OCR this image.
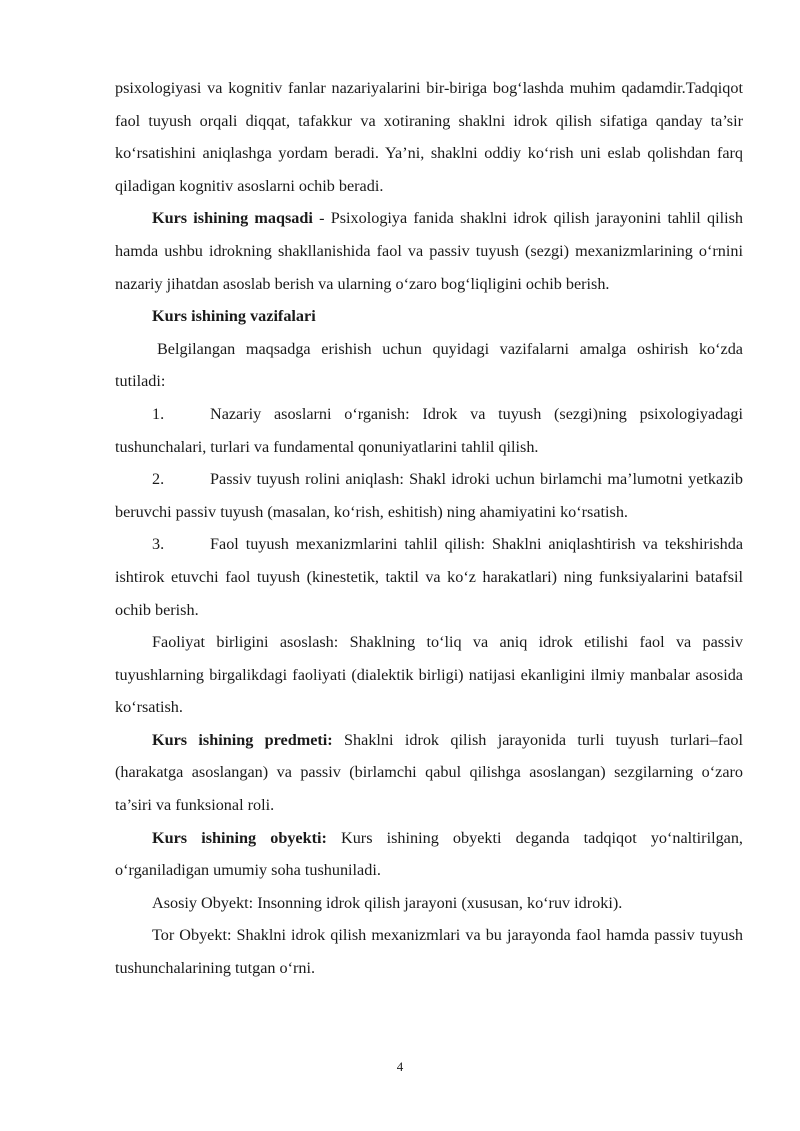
psixologiyasi va kognitiv fanlar nazariyalarini bir-biriga bog‘lashda muhim qadamdir.Tadqiqot faol tuyush orqali diqqat, tafakkur va xotiraning shaklni idrok qilish sifatiga qanday ta’sir ko‘rsatishini aniqlashga yordam beradi. Ya’ni, shaklni oddiy ko‘rish uni eslab qolishdan farq qiladigan kognitiv asoslarni ochib beradi.

Kurs ishining maqsadi - Psixologiya fanida shaklni idrok qilish jarayonini tahlil qilish hamda ushbu idrokning shakllanishida faol va passiv tuyush (sezgi) mexanizmlarining o‘rnini nazariy jihatdan asoslab berish va ularning o‘zaro bog‘liqligini ochib berish.

Kurs ishining vazifalari

Belgilangan maqsadga erishish uchun quyidagi vazifalarni amalga oshirish ko‘zda tutiladi:

1.	Nazariy asoslarni o‘rganish: Idrok va tuyush (sezgi)ning psixologiyadagi tushunchalari, turlari va fundamental qonuniyatlarini tahlil qilish.

2.	Passiv tuyush rolini aniqlash: Shakl idroki uchun birlamchi ma’lumotni yetkazib beruvchi passiv tuyush (masalan, ko‘rish, eshitish) ning ahamiyatini ko‘rsatish.

3.	Faol tuyush mexanizmlarini tahlil qilish: Shaklni aniqlashtirish va tekshirishda ishtirok etuvchi faol tuyush (kinestetik, taktil va ko‘z harakatlari) ning funksiyalarini batafsil ochib berish.

Faoliyat birligini asoslash: Shaklning to‘liq va aniq idrok etilishi faol va passiv tuyushlarning birgalikdagi faoliyati (dialektik birligi) natijasi ekanligini ilmiy manbalar asosida ko‘rsatish.

Kurs ishining predmeti: Shaklni idrok qilish jarayonida turli tuyush turlari–faol (harakatga asoslangan) va passiv (birlamchi qabul qilishga asoslangan) sezgilarning o‘zaro ta’siri va funksional roli.

Kurs ishining obyekti: Kurs ishining obyekti deganda tadqiqot yo‘naltirilgan, o‘rganiladigan umumiy soha tushuniladi.

Asosiy Obyekt: Insonning idrok qilish jarayoni (xususan, ko‘ruv idroki).

Tor Obyekt: Shaklni idrok qilish mexanizmlari va bu jarayonda faol hamda passiv tuyush tushunchalarining tutgan o‘rni.

4
